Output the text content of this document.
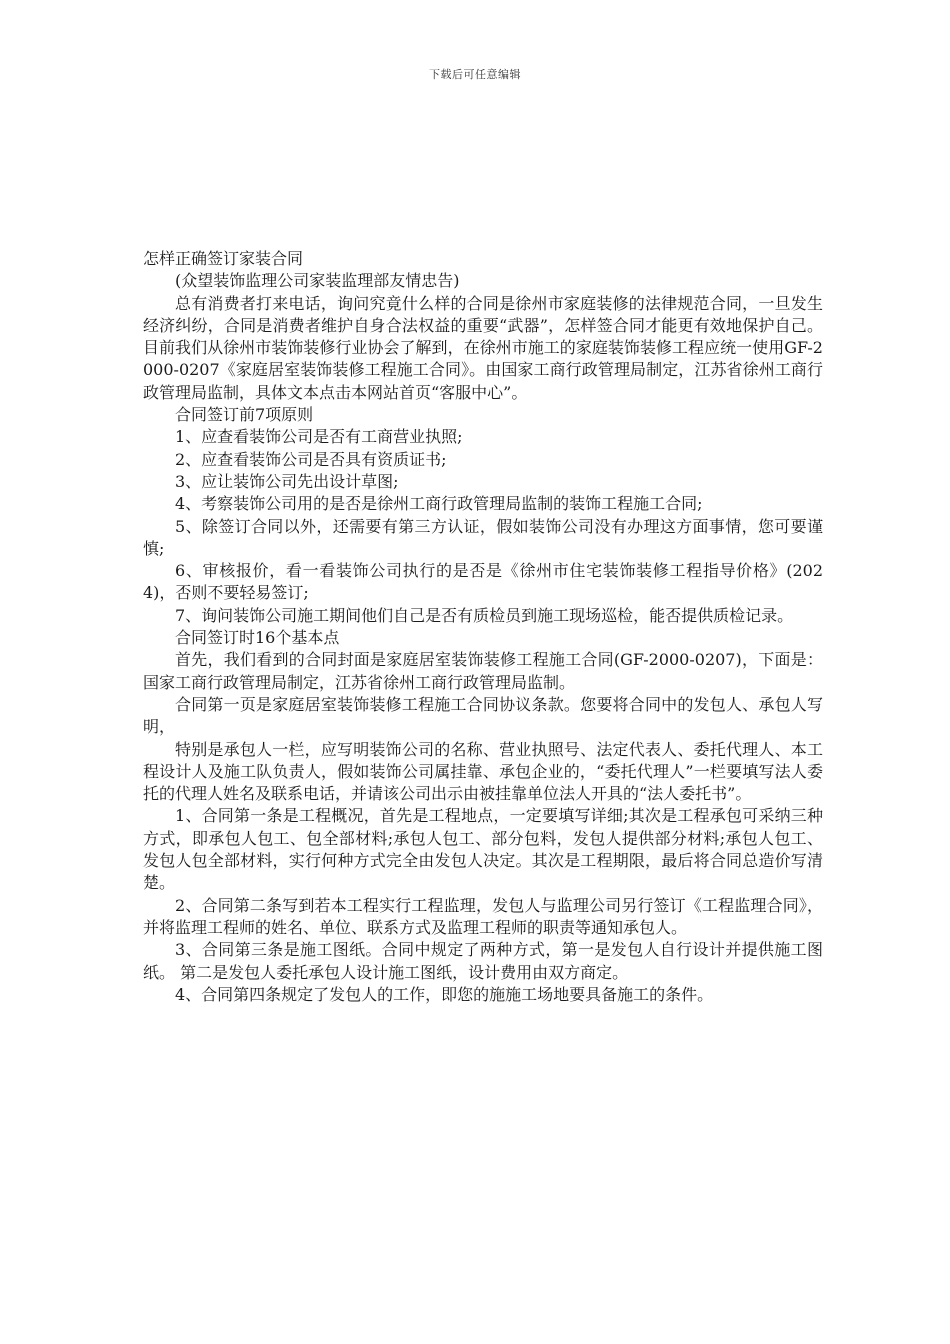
下载后可任意编辑

怎样正确签订家装合同

(众望装饰监理公司家装监理部友情忠告)

总有消费者打来电话，询问究竟什么样的合同是徐州市家庭装修的法律规范合同，一旦发生经济纠纷，合同是消费者维护自身合法权益的重要“武器”，怎样签合同才能更有效地保护自己。目前我们从徐州市装饰装修行业协会了解到，在徐州市施工的家庭装饰装修工程应统一使用GF-2000-0207《家庭居室装饰装修工程施工合同》。由国家工商行政管理局制定，江苏省徐州工商行政管理局监制，具体文本点击本网站首页“客服中心”。

合同签订前7项原则

1、应查看装饰公司是否有工商营业执照;

2、应查看装饰公司是否具有资质证书;

3、应让装饰公司先出设计草图;

4、考察装饰公司用的是否是徐州工商行政管理局监制的装饰工程施工合同;

5、除签订合同以外，还需要有第三方认证，假如装饰公司没有办理这方面事情，您可要谨慎;

6、审核报价，看一看装饰公司执行的是否是《徐州市住宅装饰装修工程指导价格》(2024)，否则不要轻易签订;

7、询问装饰公司施工期间他们自己是否有质检员到施工现场巡检，能否提供质检记录。

合同签订时16个基本点

首先，我们看到的合同封面是家庭居室装饰装修工程施工合同(GF-2000-0207)，下面是：国家工商行政管理局制定，江苏省徐州工商行政管理局监制。

合同第一页是家庭居室装饰装修工程施工合同协议条款。您要将合同中的发包人、承包人写明，

特别是承包人一栏，应写明装饰公司的名称、营业执照号、法定代表人、委托代理人、本工程设计人及施工队负责人，假如装饰公司属挂靠、承包企业的，“委托代理人”一栏要填写法人委托的代理人姓名及联系电话，并请该公司出示由被挂靠单位法人开具的“法人委托书”。

1、合同第一条是工程概况，首先是工程地点，一定要填写详细;其次是工程承包可采纳三种方式，即承包人包工、包全部材料;承包人包工、部分包料，发包人提供部分材料;承包人包工、发包人包全部材料，实行何种方式完全由发包人决定。其次是工程期限，最后将合同总造价写清楚。

2、合同第二条写到若本工程实行工程监理，发包人与监理公司另行签订《工程监理合同》，并将监理工程师的姓名、单位、联系方式及监理工程师的职责等通知承包人。

3、合同第三条是施工图纸。合同中规定了两种方式，第一是发包人自行设计并提供施工图纸。 第二是发包人委托承包人设计施工图纸，设计费用由双方商定。

4、合同第四条规定了发包人的工作，即您的施施工场地要具备施工的条件。
